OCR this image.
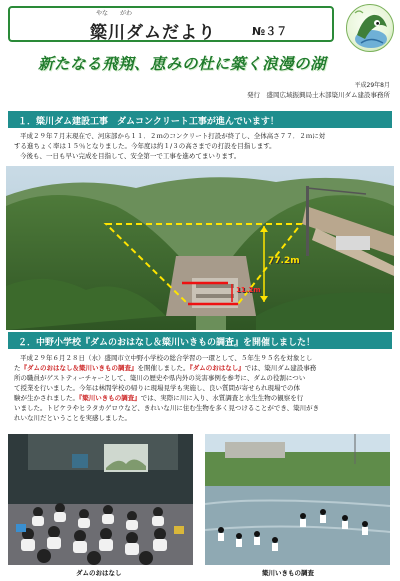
やな がわ
簗川ダムだより	№３７
新たなる飛翔、恵みの杜に築く浪漫の湖
平成29年8月
発行　盛岡広域振興局土木部簗川ダム建設事務所
１．簗川ダム建設工事　ダムコンクリート工事が進んでいます！
平成２９年７月末現在で、河床部から１１．２ｍのコンクリート打設が終了し、全体高さ７７．２ｍに対
する進ちょく率は１５％となりました。今年度は約１/３の高さまでの打設を目指します。
今後も、一日も早い完成を目指して、安全第一で工事を進めてまいります。
77.2m
11.2m
２．中野小学校『ダムのおはなし＆簗川いきもの調査』を開催しました！
平成２９年６月２８日（水）盛岡市立中野小学校の総合学習の一環として、５年生９５名を対象とし
た『ダムのおはなし＆簗川いきもの調査』を開催しました。『ダムのおはなし』では、簗川ダム建設事務
所の職員がゲストティーチャーとして、簗川の歴史や県内外の災害事例を参考に、ダムの役割につい
て授業を行いました。今年は林間学校の帰りに現場見学も実施し、良い質問が寄せられ現場での体
験が生かされました。『簗川いきもの調査』では、実際に川に入り、水質調査と水生生物の観察を行
いました。トビケラやヒラタカゲロウなど、きれいな川に住む生物を多く見つけることができ、簗川がき
れいな川だということを実感しました。
ダムのおはなし	簗川いきもの調査
